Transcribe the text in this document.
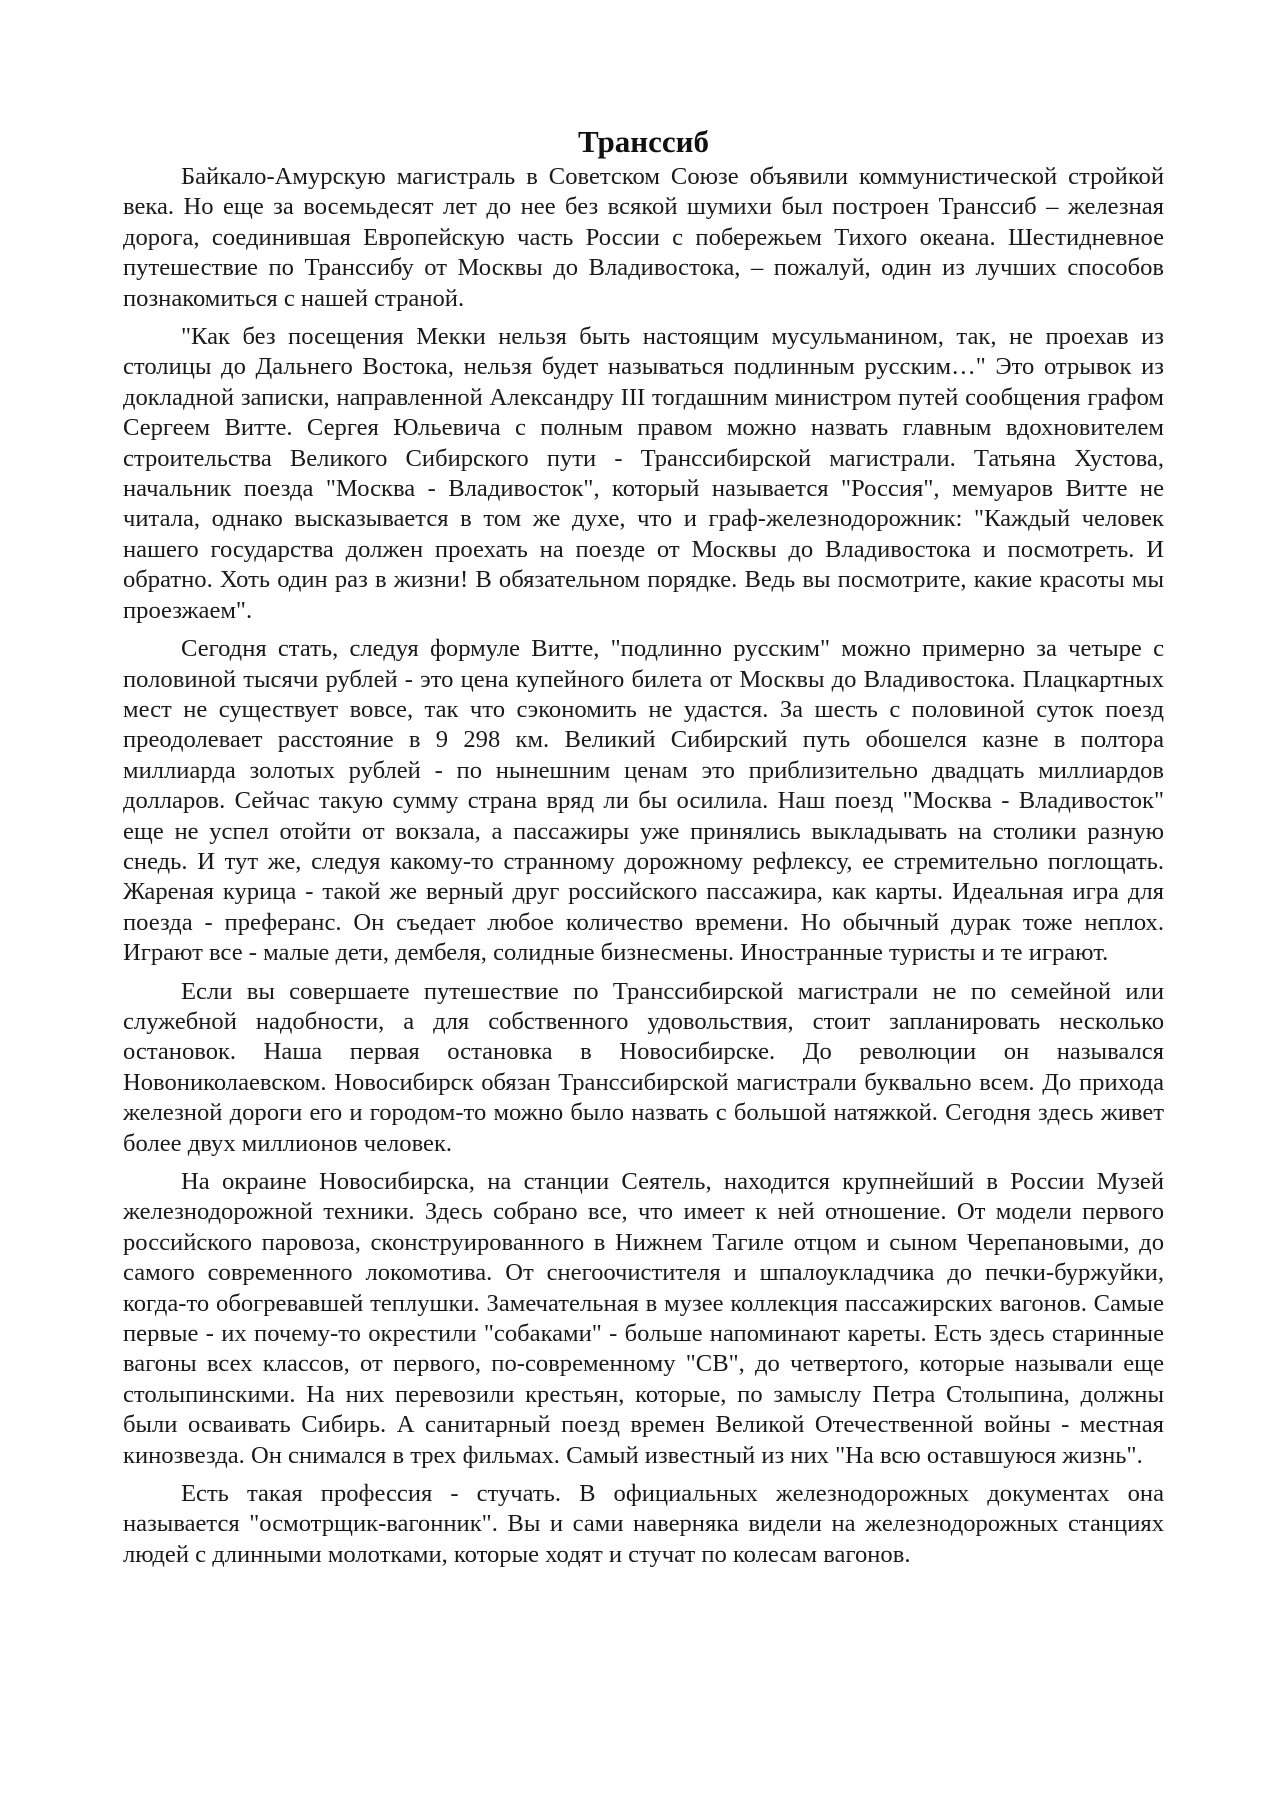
Транссиб

Байкало-Амурскую магистраль в Советском Союзе объявили коммунистической стройкой века. Но еще за восемьдесят лет до нее без всякой шумихи был построен Транссиб – железная дорога, соединившая Европейскую часть России с побережьем Тихого океана. Шестидневное путешествие по Транссибу от Москвы до Владивостока, – пожалуй, один из лучших способов познакомиться с нашей страной.

"Как без посещения Мекки нельзя быть настоящим мусульманином, так, не проехав из столицы до Дальнего Востока, нельзя будет называться подлинным русским…" Это отрывок из докладной записки, направленной Александру III тогдашним министром путей сообщения графом Сергеем Витте. Сергея Юльевича с полным правом можно назвать главным вдохновителем строительства Великого Сибирского пути - Транссибирской магистрали. Татьяна Хустова, начальник поезда "Москва - Владивосток", который называется "Россия", мемуаров Витте не читала, однако высказывается в том же духе, что и граф-железнодорожник: "Каждый человек нашего государства должен проехать на поезде от Москвы до Владивостока и посмотреть. И обратно. Хоть один раз в жизни! В обязательном порядке. Ведь вы посмотрите, какие красоты мы проезжаем".

Сегодня стать, следуя формуле Витте, "подлинно русским" можно примерно за четыре с половиной тысячи рублей - это цена купейного билета от Москвы до Владивостока. Плацкартных мест не существует вовсе, так что сэкономить не удастся. За шесть с половиной суток поезд преодолевает расстояние в 9 298 км. Великий Сибирский путь обошелся казне в полтора миллиарда золотых рублей - по нынешним ценам это приблизительно двадцать миллиардов долларов. Сейчас такую сумму страна вряд ли бы осилила. Наш поезд "Москва - Владивосток" еще не успел отойти от вокзала, а пассажиры уже принялись выкладывать на столики разную снедь. И тут же, следуя какому-то странному дорожному рефлексу, ее стремительно поглощать. Жареная курица - такой же верный друг российского пассажира, как карты. Идеальная игра для поезда - преферанс. Он съедает любое количество времени. Но обычный дурак тоже неплох. Играют все - малые дети, дембеля, солидные бизнесмены. Иностранные туристы и те играют.

Если вы совершаете путешествие по Транссибирской магистрали не по семейной или служебной надобности, а для собственного удовольствия, стоит запланировать несколько остановок. Наша первая остановка в Новосибирске. До революции он назывался Новониколаевском. Новосибирск обязан Транссибирской магистрали буквально всем. До прихода железной дороги его и городом-то можно было назвать с большой натяжкой. Сегодня здесь живет более двух миллионов человек.

На окраине Новосибирска, на станции Сеятель, находится крупнейший в России Музей железнодорожной техники. Здесь собрано все, что имеет к ней отношение. От модели первого российского паровоза, сконструированного в Нижнем Тагиле отцом и сыном Черепановыми, до самого современного локомотива. От снегоочистителя и шпалоукладчика до печки-буржуйки, когда-то обогревавшей теплушки. Замечательная в музее коллекция пассажирских вагонов. Самые первые - их почему-то окрестили "собаками" - больше напоминают кареты. Есть здесь старинные вагоны всех классов, от первого, по-современному "СВ", до четвертого, которые называли еще столыпинскими. На них перевозили крестьян, которые, по замыслу Петра Столыпина, должны были осваивать Сибирь. А санитарный поезд времен Великой Отечественной войны - местная кинозвезда. Он снимался в трех фильмах. Самый известный из них "На всю оставшуюся жизнь".

Есть такая профессия - стучать. В официальных железнодорожных документах она называется "осмотрщик-вагонник". Вы и сами наверняка видели на железнодорожных станциях людей с длинными молотками, которые ходят и стучат по колесам вагонов.
